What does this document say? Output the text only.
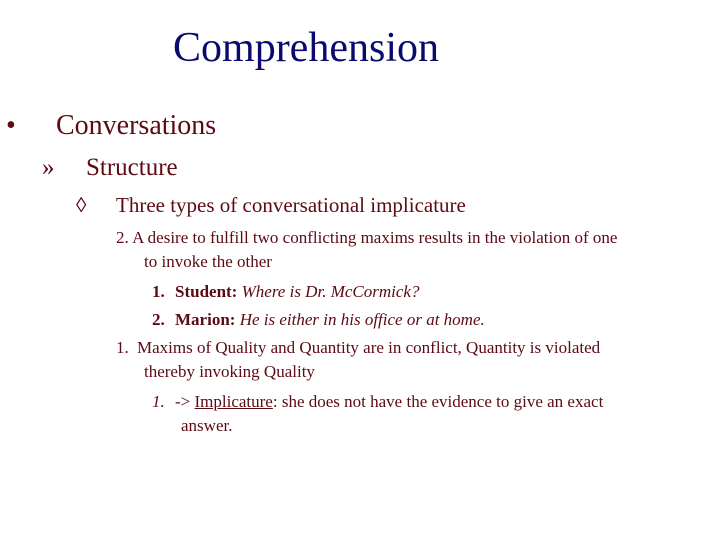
Comprehension
• Conversations
» Structure
◊ Three types of conversational implicature
2. A desire to fulfill two conflicting maxims results in the violation of one
to invoke the other
1. Student: Where is Dr. McCormick?
2. Marion: He is either in his office or at home.
1. Maxims of Quality and Quantity are in conflict, Quantity is violated
thereby invoking Quality
1. -> Implicature: she does not have the evidence to give an exact
answer.
